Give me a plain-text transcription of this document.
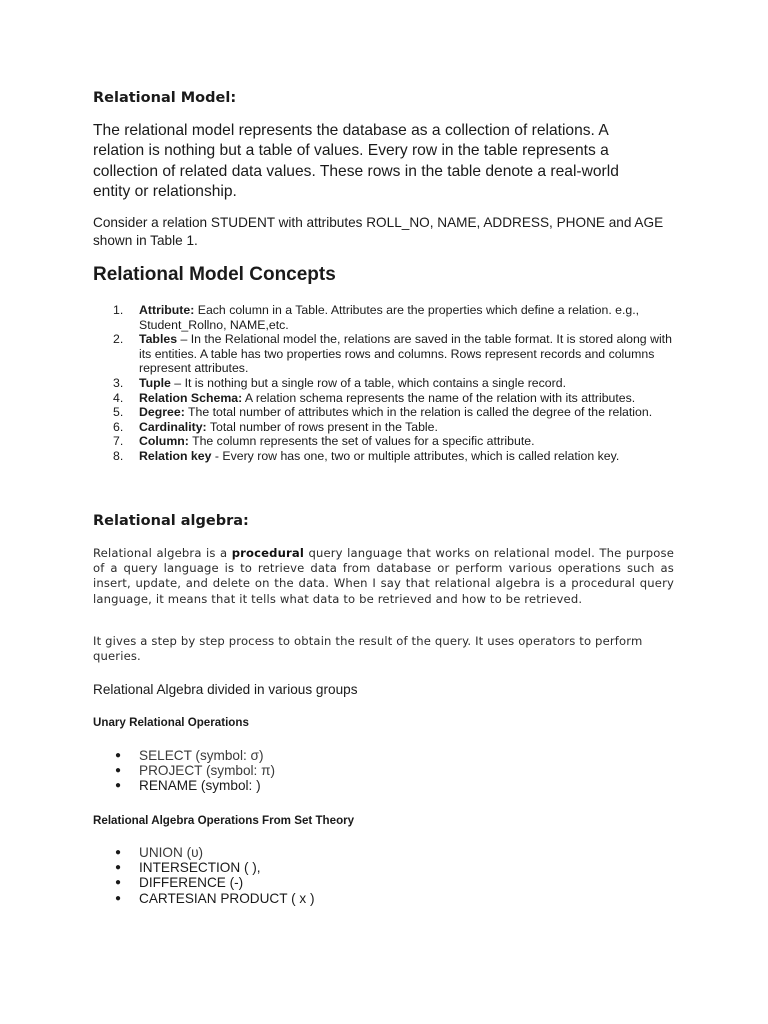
Relational Model:
The relational model represents the database as a collection of relations. A relation is nothing but a table of values. Every row in the table represents a collection of related data values. These rows in the table denote a real-world entity or relationship.
Consider a relation STUDENT with attributes ROLL_NO, NAME, ADDRESS, PHONE and AGE shown in Table 1.
Relational Model Concepts
1.	Attribute: Each column in a Table. Attributes are the properties which define a relation. e.g., Student_Rollno, NAME,etc.
2.	Tables – In the Relational model the, relations are saved in the table format. It is stored along with its entities. A table has two properties rows and columns. Rows represent records and columns represent attributes.
3.	Tuple – It is nothing but a single row of a table, which contains a single record.
4.	Relation Schema: A relation schema represents the name of the relation with its attributes.
5.	Degree: The total number of attributes which in the relation is called the degree of the relation.
6.	Cardinality: Total number of rows present in the Table.
7.	Column: The column represents the set of values for a specific attribute.
8.	Relation key - Every row has one, two or multiple attributes, which is called relation key.
Relational algebra:
Relational algebra is a procedural query language that works on relational model. The purpose of a query language is to retrieve data from database or perform various operations such as insert, update, and delete on the data. When I say that relational algebra is a procedural query language, it means that it tells what data to be retrieved and how to be retrieved.
It gives a step by step process to obtain the result of the query. It uses operators to perform queries.
Relational Algebra divided in various groups
Unary Relational Operations
● SELECT (symbol: σ)
● PROJECT (symbol: π)
● RENAME (symbol: )
Relational Algebra Operations From Set Theory
● UNION (υ)
● INTERSECTION ( ),
● DIFFERENCE (-)
● CARTESIAN PRODUCT ( x )
